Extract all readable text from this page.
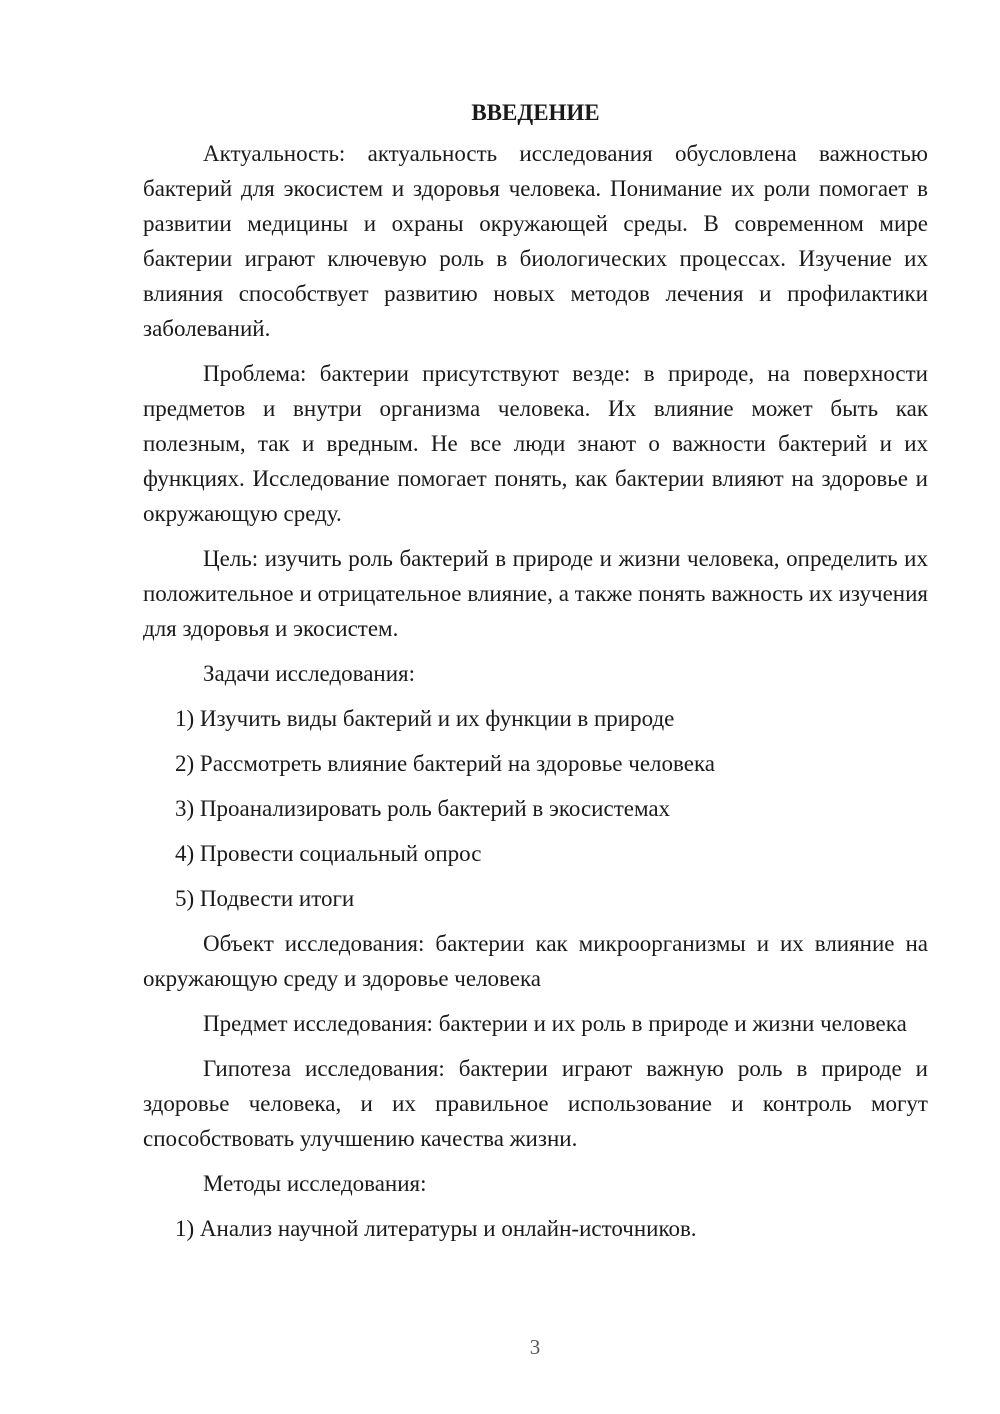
ВВЕДЕНИЕ

Актуальность: актуальность исследования обусловлена важностью бактерий для экосистем и здоровья человека. Понимание их роли помогает в развитии медицины и охраны окружающей среды. В современном мире бактерии играют ключевую роль в биологических процессах. Изучение их влияния способствует развитию новых методов лечения и профилактики заболеваний.

Проблема: бактерии присутствуют везде: в природе, на поверхности предметов и внутри организма человека. Их влияние может быть как полезным, так и вредным. Не все люди знают о важности бактерий и их функциях. Исследование помогает понять, как бактерии влияют на здоровье и окружающую среду.

Цель: изучить роль бактерий в природе и жизни человека, определить их положительное и отрицательное влияние, а также понять важность их изучения для здоровья и экосистем.

Задачи исследования:
1) Изучить виды бактерий и их функции в природе
2) Рассмотреть влияние бактерий на здоровье человека
3) Проанализировать роль бактерий в экосистемах
4) Провести социальный опрос
5) Подвести итоги

Объект исследования: бактерии как микроорганизмы и их влияние на окружающую среду и здоровье человека

Предмет исследования: бактерии и их роль в природе и жизни человека

Гипотеза исследования: бактерии играют важную роль в природе и здоровье человека, и их правильное использование и контроль могут способствовать улучшению качества жизни.

Методы исследования:
1) Анализ научной литературы и онлайн-источников.
3
